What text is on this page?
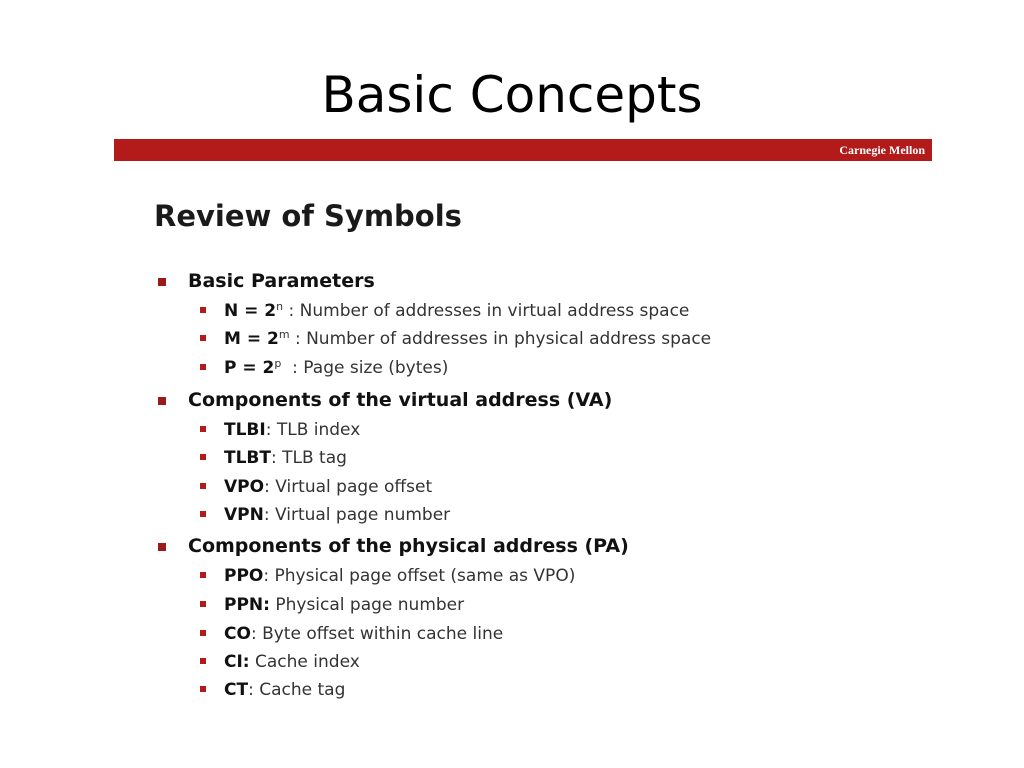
Basic Concepts
Carnegie Mellon
Review of Symbols
Basic Parameters
$N = 2^n$ : Number of addresses in virtual address space
$M = 2^m$ : Number of addresses in physical address space
$P = 2^p$  : Page size (bytes)
Components of the virtual address (VA)
TLBI: TLB index
TLBT: TLB tag
VPO: Virtual page offset
VPN: Virtual page number
Components of the physical address (PA)
PPO: Physical page offset (same as VPO)
PPN: Physical page number
CO: Byte offset within cache line
CI: Cache index
CT: Cache tag
